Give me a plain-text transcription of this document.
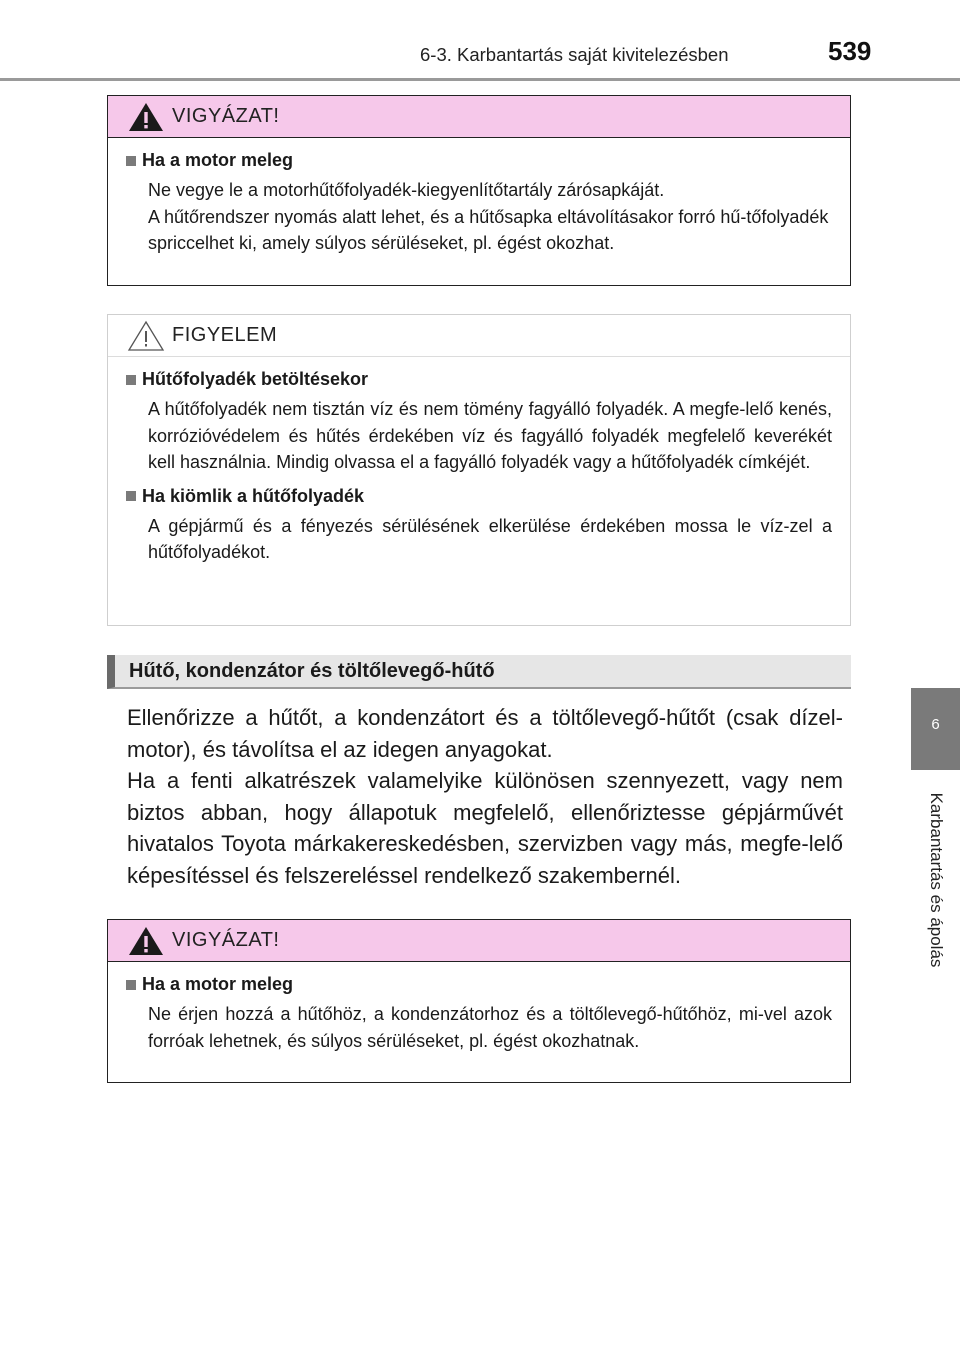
6-3. Karbantartás saját kivitelezésben	539
6
Karbantartás és ápolás
VIGYÁZAT!
Ha a motor meleg
Ne vegye le a motorhűtőfolyadék-kiegyenlítőtartály zárósapkáját.
A hűtőrendszer nyomás alatt lehet, és a hűtősapka eltávolításakor forró hű-tőfolyadék spriccelhet ki, amely súlyos sérüléseket, pl. égést okozhat.
FIGYELEM
Hűtőfolyadék betöltésekor
A hűtőfolyadék nem tisztán víz és nem tömény fagyálló folyadék. A megfe-lelő kenés, korrózióvédelem és hűtés érdekében víz és fagyálló folyadék megfelelő keverékét kell használnia. Mindig olvassa el a fagyálló folyadék vagy a hűtőfolyadék címkéjét.
Ha kiömlik a hűtőfolyadék
A gépjármű és a fényezés sérülésének elkerülése érdekében mossa le víz-zel a hűtőfolyadékot.
Hűtő, kondenzátor és töltőlevegő-hűtő

Ellenőrizze a hűtőt, a kondenzátort és a töltőlevegő-hűtőt (csak dízel-motor), és távolítsa el az idegen anyagokat.

Ha a fenti alkatrészek valamelyike különösen szennyezett, vagy nem biztos abban, hogy állapotuk megfelelő, ellenőriztesse gépjárművét hivatalos Toyota márkakereskedésben, szervizben vagy más, megfe-lelő képesítéssel és felszereléssel rendelkező szakembernél.

VIGYÁZAT!
Ha a motor meleg
Ne érjen hozzá a hűtőhöz, a kondenzátorhoz és a töltőlevegő-hűtőhöz, mi-vel azok forróak lehetnek, és súlyos sérüléseket, pl. égést okozhatnak.
